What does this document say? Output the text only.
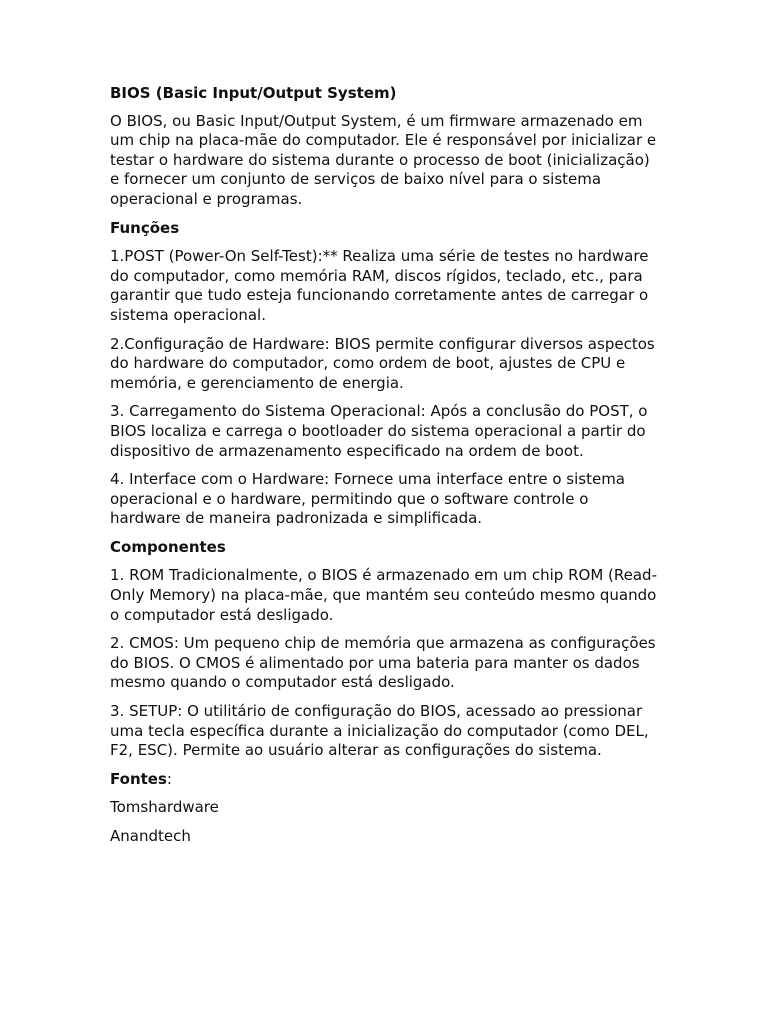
BIOS (Basic Input/Output System)
O BIOS, ou Basic Input/Output System, é um firmware armazenado em um chip na placa-mãe do computador. Ele é responsável por inicializar e testar o hardware do sistema durante o processo de boot (inicialização) e fornecer um conjunto de serviços de baixo nível para o sistema operacional e programas.
Funções
1.POST (Power-On Self-Test):** Realiza uma série de testes no hardware do computador, como memória RAM, discos rígidos, teclado, etc., para garantir que tudo esteja funcionando corretamente antes de carregar o sistema operacional.
2.Configuração de Hardware: BIOS permite configurar diversos aspectos do hardware do computador, como ordem de boot, ajustes de CPU e memória, e gerenciamento de energia.
3. Carregamento do Sistema Operacional: Após a conclusão do POST, o BIOS localiza e carrega o bootloader do sistema operacional a partir do dispositivo de armazenamento especificado na ordem de boot.
4. Interface com o Hardware: Fornece uma interface entre o sistema operacional e o hardware, permitindo que o software controle o hardware de maneira padronizada e simplificada.
Componentes
1. ROM Tradicionalmente, o BIOS é armazenado em um chip ROM (Read-Only Memory) na placa-mãe, que mantém seu conteúdo mesmo quando o computador está desligado.
2. CMOS: Um pequeno chip de memória que armazena as configurações do BIOS. O CMOS é alimentado por uma bateria para manter os dados mesmo quando o computador está desligado.
3. SETUP: O utilitário de configuração do BIOS, acessado ao pressionar uma tecla específica durante a inicialização do computador (como DEL, F2, ESC). Permite ao usuário alterar as configurações do sistema.
Fontes:
Tomshardware
Anandtech
